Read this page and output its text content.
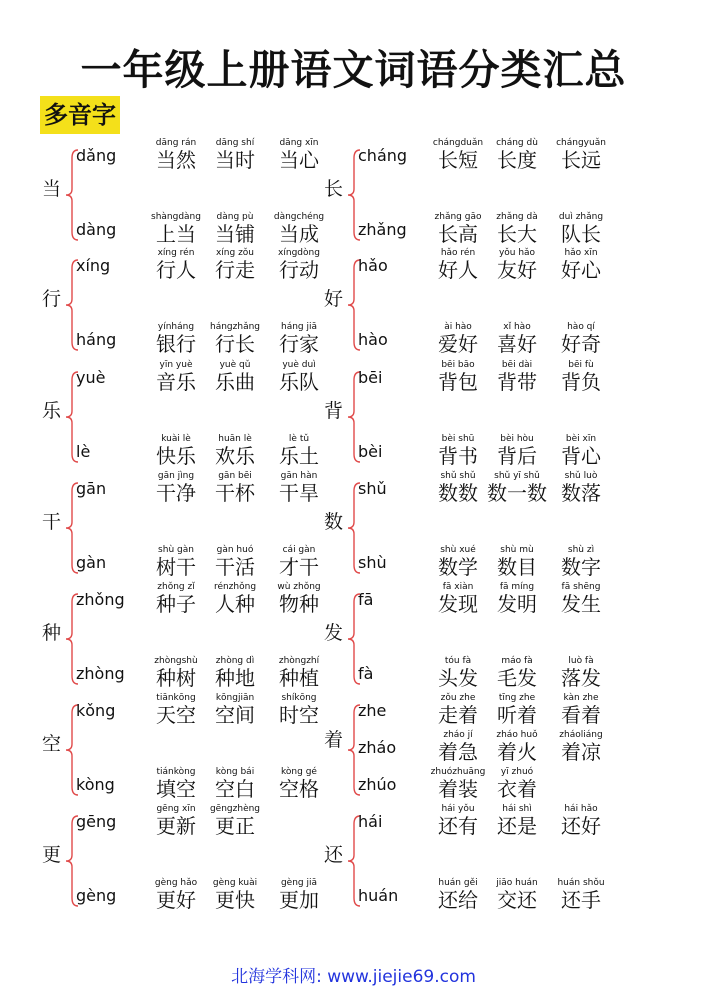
一年级上册语文词语分类汇总
多音字
当
dǎng
dāng rán
当然
dāng shí
当时
dāng xīn
当心
dàng
shàngdàng
上当
dàng pù
当铺
dàngchéng
当成
长
cháng
chángduǎn
长短
cháng dù
长度
chángyuǎn
长远
zhǎng
zhǎng gāo
长高
zhǎng dà
长大
duì zhǎng
队长
行
xíng
xíng rén
行人
xíng zǒu
行走
xíngdòng
行动
háng
yínháng
银行
hángzhǎng
行长
háng jiā
行家
好
hǎo
hǎo rén
好人
yǒu hǎo
友好
hǎo xīn
好心
hào
ài hào
爱好
xǐ hào
喜好
hào qí
好奇
乐
yuè
yīn yuè
音乐
yuè qǔ
乐曲
yuè duì
乐队
lè
kuài lè
快乐
huān lè
欢乐
lè tǔ
乐土
背
bēi
bēi bāo
背包
bēi dài
背带
bēi fù
背负
bèi
bèi shū
背书
bèi hòu
背后
bèi xīn
背心
干
gān
gān jìng
干净
gān bēi
干杯
gān hàn
干旱
gàn
shù gàn
树干
gàn huó
干活
cái gàn
才干
数
shǔ
shǔ shǔ
数数
shǔ yī shǔ
数一数
shǔ luò
数落
shù
shù xué
数学
shù mù
数目
shù zì
数字
种
zhǒng
zhǒng zǐ
种子
rénzhǒng
人种
wù zhǒng
物种
zhòng
zhòngshù
种树
zhòng dì
种地
zhòngzhí
种植
发
fā
fā xiàn
发现
fā míng
发明
fā shēng
发生
fà
tóu fà
头发
máo fà
毛发
luò fà
落发
空
kǒng
tiānkōng
天空
kōngjiān
空间
shíkōng
时空
kòng
tiánkòng
填空
kòng bái
空白
kòng gé
空格
着
zhe
zǒu zhe
走着
tīng zhe
听着
kàn zhe
看着
zháo
zháo jí
着急
zháo huǒ
着火
zháoliáng
着凉
zhúo
zhuózhuāng
着装
yī zhuó
衣着
更
gēng
gēng xīn
更新
gēngzhèng
更正
gèng
gèng hǎo
更好
gèng kuài
更快
gèng jiā
更加
还
hái
hái yǒu
还有
hái shì
还是
hái hǎo
还好
huán
huán gěi
还给
jiāo huán
交还
huán shǒu
还手
北海学科网: www.jiejie69.com
